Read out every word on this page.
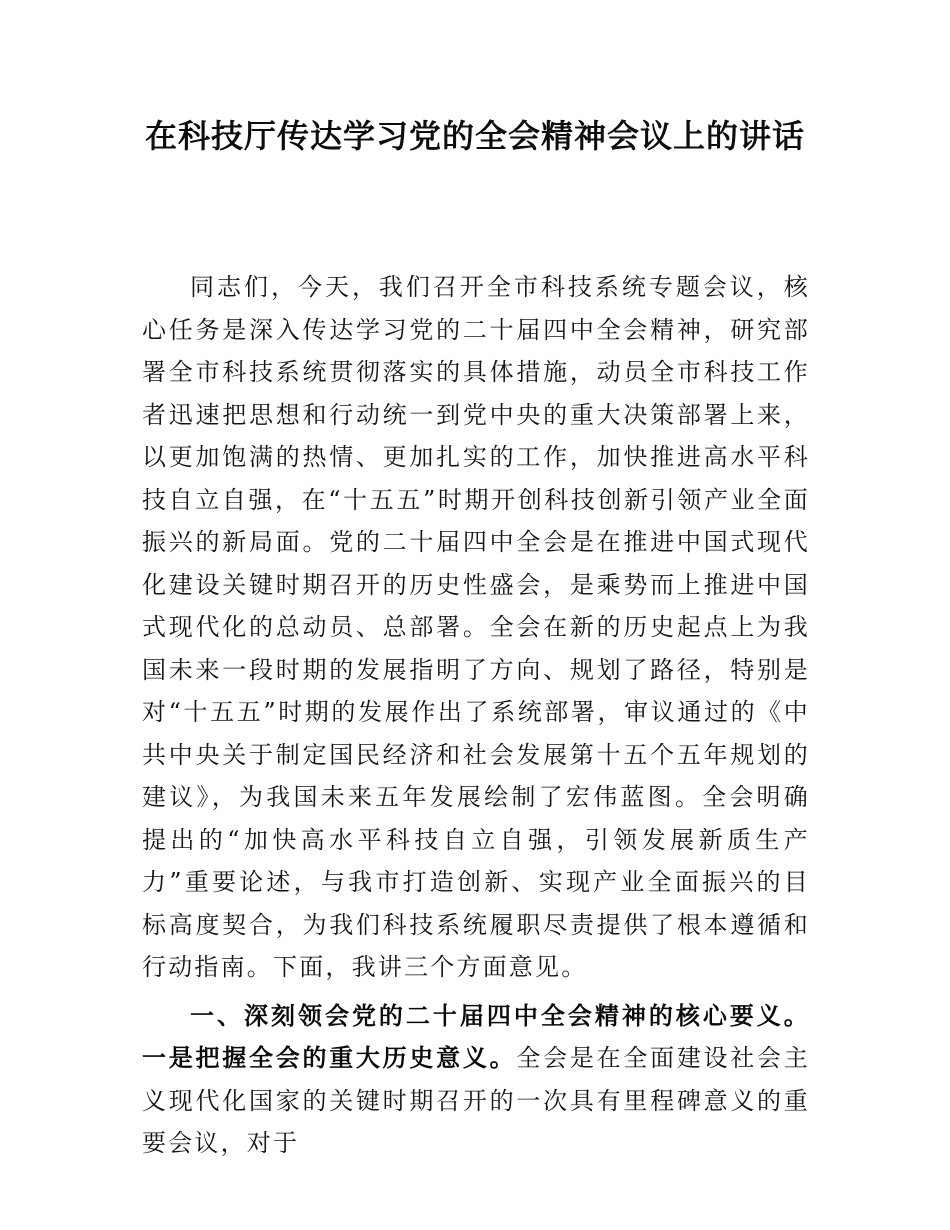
在科技厅传达学习党的全会精神会议上的讲话

同志们，今天，我们召开全市科技系统专题会议，核心任务是深入传达学习党的二十届四中全会精神，研究部署全市科技系统贯彻落实的具体措施，动员全市科技工作者迅速把思想和行动统一到党中央的重大决策部署上来，以更加饱满的热情、更加扎实的工作，加快推进高水平科技自立自强，在“十五五”时期开创科技创新引领产业全面振兴的新局面。党的二十届四中全会是在推进中国式现代化建设关键时期召开的历史性盛会，是乘势而上推进中国式现代化的总动员、总部署。全会在新的历史起点上为我国未来一段时期的发展指明了方向、规划了路径，特别是对“十五五”时期的发展作出了系统部署，审议通过的《中共中央关于制定国民经济和社会发展第十五个五年规划的建议》，为我国未来五年发展绘制了宏伟蓝图。全会明确提出的“加快高水平科技自立自强，引领发展新质生产力”重要论述，与我市打造创新、实现产业全面振兴的目标高度契合，为我们科技系统履职尽责提供了根本遵循和行动指南。下面，我讲三个方面意见。

一、深刻领会党的二十届四中全会精神的核心要义。一是把握全会的重大历史意义。全会是在全面建设社会主义现代化国家的关键时期召开的一次具有里程碑意义的重要会议，对于
